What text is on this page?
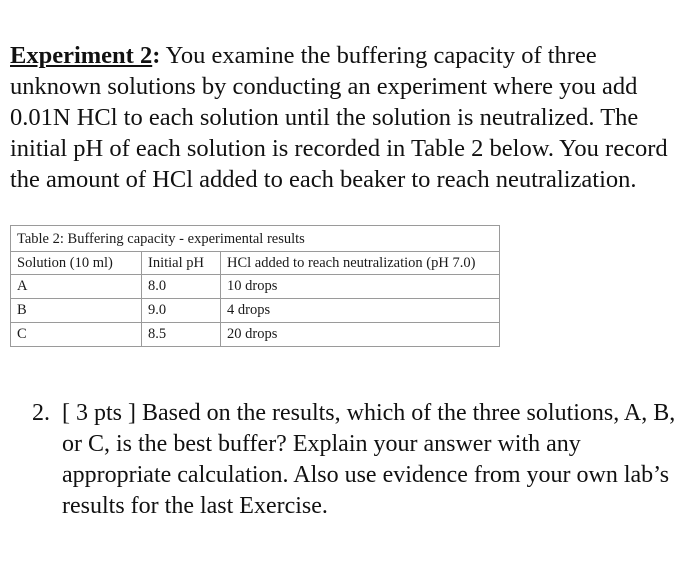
Experiment 2: You examine the buffering capacity of three unknown solutions by conducting an experiment where you add 0.01N HCl to each solution until the solution is neutralized. The initial pH of each solution is recorded in Table 2 below. You record the amount of HCl added to each beaker to reach neutralization.

Table 2: Buffering capacity - experimental results		
Solution (10 ml)	Initial pH	HCl added to reach neutralization (pH 7.0)
A	8.0	10 drops
B	9.0	4 drops
C	8.5	20 drops
2. [ 3 pts ] Based on the results, which of the three solutions, A, B, or C, is the best buffer? Explain your answer with any appropriate calculation. Also use evidence from your own lab’s results for the last Exercise.
